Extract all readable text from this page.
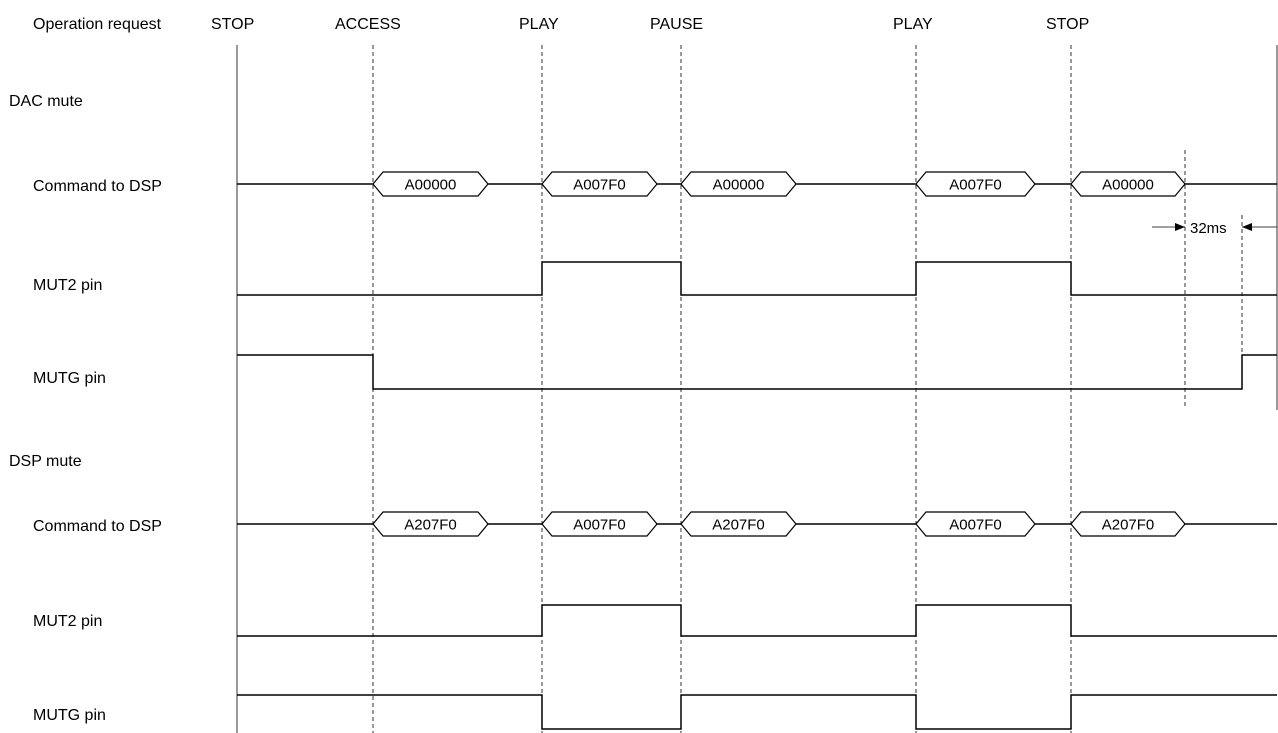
Operation request	STOP	ACCESS	PLAY	PAUSE	PLAY	STOP
DAC mute
Command to DSP
MUT2 pin
MUTG pin
A00000	A007F0	A00000	A007F0	A00000
32ms
DSP mute
Command to DSP
MUT2 pin
MUTG pin
A207F0	A007F0	A207F0	A007F0	A207F0
